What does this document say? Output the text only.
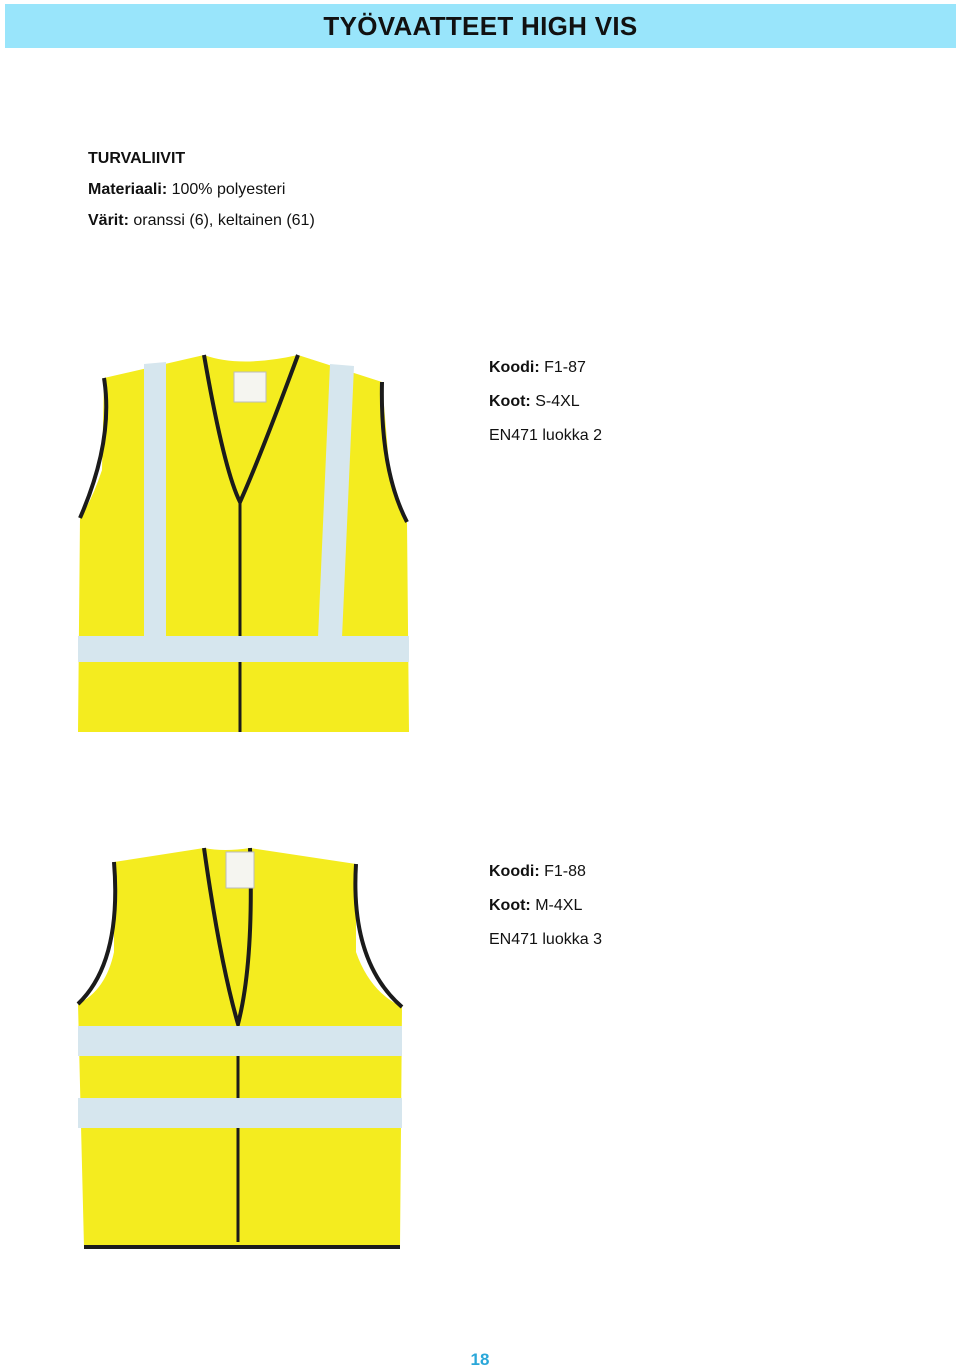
TYÖVAATTEET HIGH VIS
TURVALIIVIT
Materiaali: 100% polyesteri
Värit: oranssi (6), keltainen (61)
Koodi: F1-87
Koot: S-4XL
EN471 luokka 2
Koodi: F1-88
Koot: M-4XL
EN471 luokka 3
18
